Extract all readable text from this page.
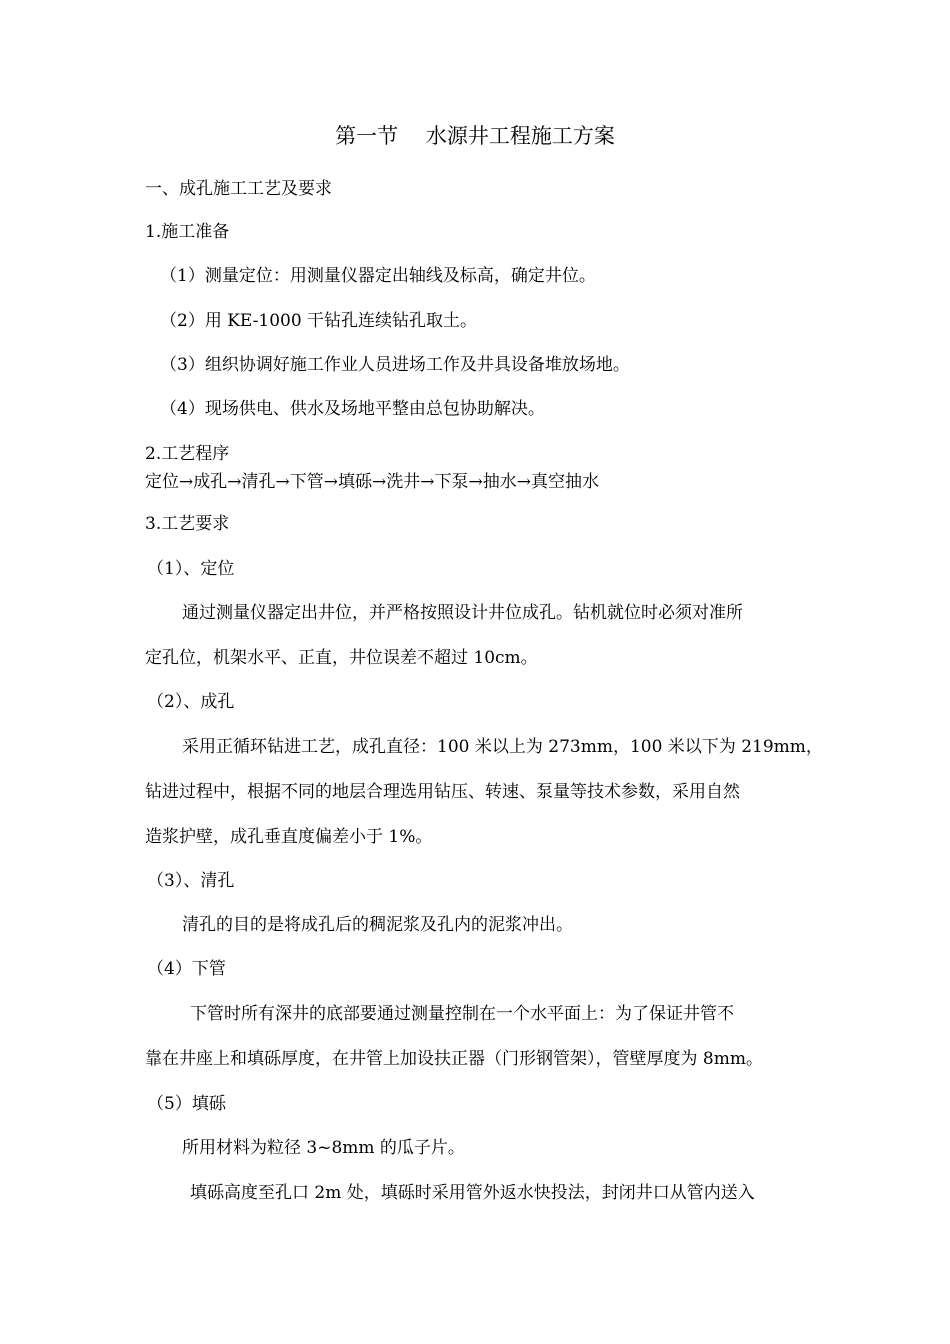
第一节　 水源井工程施工方案
一、成孔施工工艺及要求
1.施工准备
（1）测量定位：用测量仪器定出轴线及标高，确定井位。
（2）用 KE-1000 干钻孔连续钻孔取土。
（3）组织协调好施工作业人员进场工作及井具设备堆放场地。
（4）现场供电、供水及场地平整由总包协助解决。
2.工艺程序
定位→成孔→清孔→下管→填砾→洗井→下泵→抽水→真空抽水
3.工艺要求
（1）、定位
通过测量仪器定出井位，并严格按照设计井位成孔。钻机就位时必须对准所
定孔位，机架水平、正直，井位误差不超过 10cm。
（2）、成孔
采用正循环钻进工艺，成孔直径：100 米以上为 273mm，100 米以下为 219mm，
钻进过程中，根据不同的地层合理选用钻压、转速、泵量等技术参数，采用自然
造浆护壁，成孔垂直度偏差小于 1%。
（3）、清孔
清孔的目的是将成孔后的稠泥浆及孔内的泥浆冲出。
（4）下管
下管时所有深井的底部要通过测量控制在一个水平面上：为了保证井管不
靠在井座上和填砾厚度，在井管上加设扶正器（门形钢管架），管壁厚度为 8mm。
（5）填砾
所用材料为粒径 3~8mm 的瓜子片。
填砾高度至孔口 2m 处，填砾时采用管外返水快投法，封闭井口从管内送入
